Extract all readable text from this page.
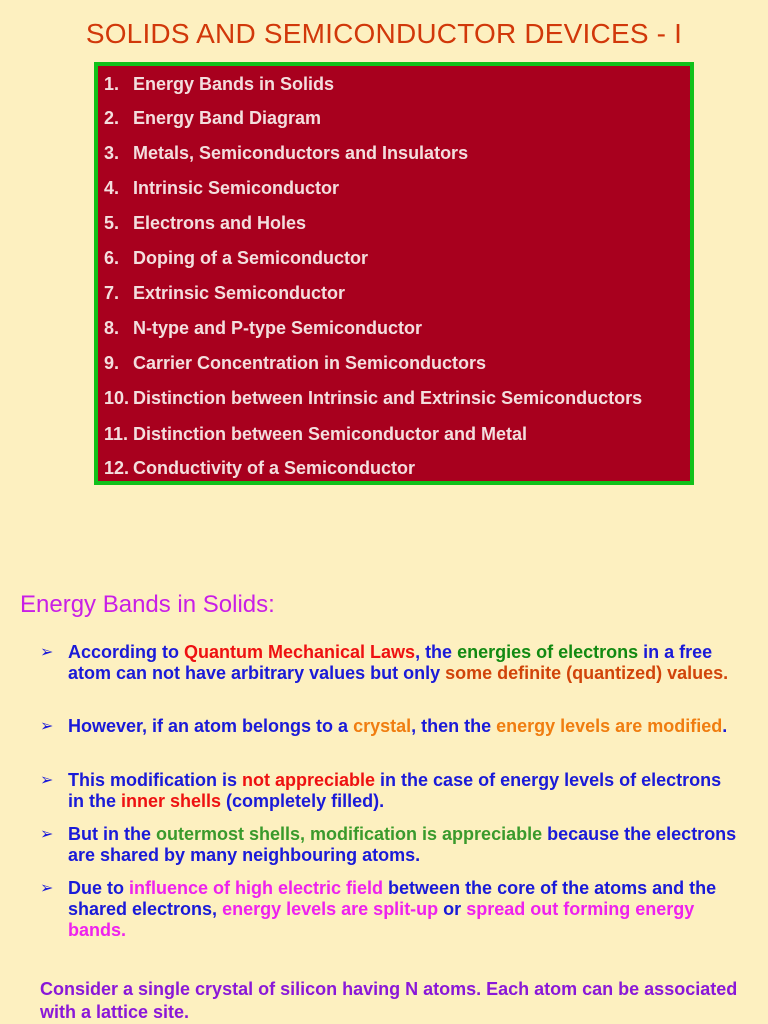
SOLIDS AND SEMICONDUCTOR DEVICES - I
1. Energy Bands in Solids
2. Energy Band Diagram
3. Metals, Semiconductors and Insulators
4. Intrinsic Semiconductor
5. Electrons and Holes
6. Doping of a Semiconductor
7. Extrinsic Semiconductor
8. N-type and P-type Semiconductor
9. Carrier Concentration in Semiconductors
10. Distinction between Intrinsic and Extrinsic Semiconductors
11. Distinction between Semiconductor and Metal
12. Conductivity of a Semiconductor
Energy Bands in Solids:
➢ According to Quantum Mechanical Laws, the energies of electrons in a free atom can not have arbitrary values but only some definite (quantized) values.
➢ However, if an atom belongs to a crystal, then the energy levels are modified.
➢ This modification is not appreciable in the case of energy levels of electrons in the inner shells (completely filled).
➢ But in the outermost shells, modification is appreciable because the electrons are shared by many neighbouring atoms.
➢ Due to influence of high electric field between the core of the atoms and the shared electrons, energy levels are split-up or spread out forming energy bands.
Consider a single crystal of silicon having N atoms. Each atom can be associated with a lattice site.
